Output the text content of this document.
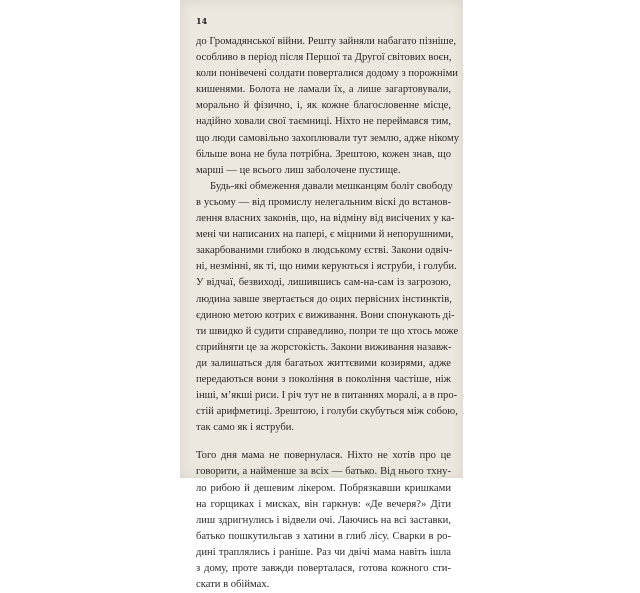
14
до Громадянської війни. Решту зайняли набагато пізніше,
особливо в період після Першої та Другої світових воєн,
коли понівечені солдати поверталися додому з порожніми
кишенями. Болота не ламали їх, а лише загартовували,
морально й фізично, і, як кожне благословенне місце,
надійно ховали свої таємниці. Ніхто не переймався тим,
що люди самовільно захоплювали тут землю, адже нікому
більше вона не була потрібна. Зрештою, кожен знав, що
марші — це всього лиш заболочене пустище.
Будь-які обмеження давали мешканцям боліт свободу
в усьому — від промислу нелегальним віскі до встанов-
лення власних законів, що, на відміну від висічених у ка-
мені чи написаних на папері, є міцними й непорушними,
закарбованими глибоко в людському єстві. Закони одвіч-
ні, незмінні, як ті, що ними керуються і яструби, і голуби.
У відчаї, безвиході, лишившись сам-на-сам із загрозою,
людина завше звертається до оцих первісних інстинктів,
єдиною метою котрих є виживання. Вони спонукають ді-
ти швидко й судити справедливо, попри те що хтось може
сприйняти це за жорстокість. Закони виживання назавж-
ди залишаться для багатьох життєвими козирями, адже
передаються вони з покоління в покоління частіше, ніж
інші, м’якші риси. І річ тут не в питаннях моралі, а в про-
стій арифметиці. Зрештою, і голуби скубуться між собою,
так само як і яструби.
Того дня мама не повернулася. Ніхто не хотів про це
говорити, а найменше за всіх — батько. Від нього тхну-
ло рибою й дешевим лікером. Побрязкавши кришками
на горщиках і мисках, він гаркнув: «Де вечеря?» Діти
лиш здригнулись і відвели очі. Лаючись на всі заставки,
батько пошкутильгав з хатини в глиб лісу. Сварки в ро-
дині траплялись і раніше. Раз чи двічі мама навіть ішла
з дому, проте завжди поверталася, готова кожного сти-
скати в обіймах.
